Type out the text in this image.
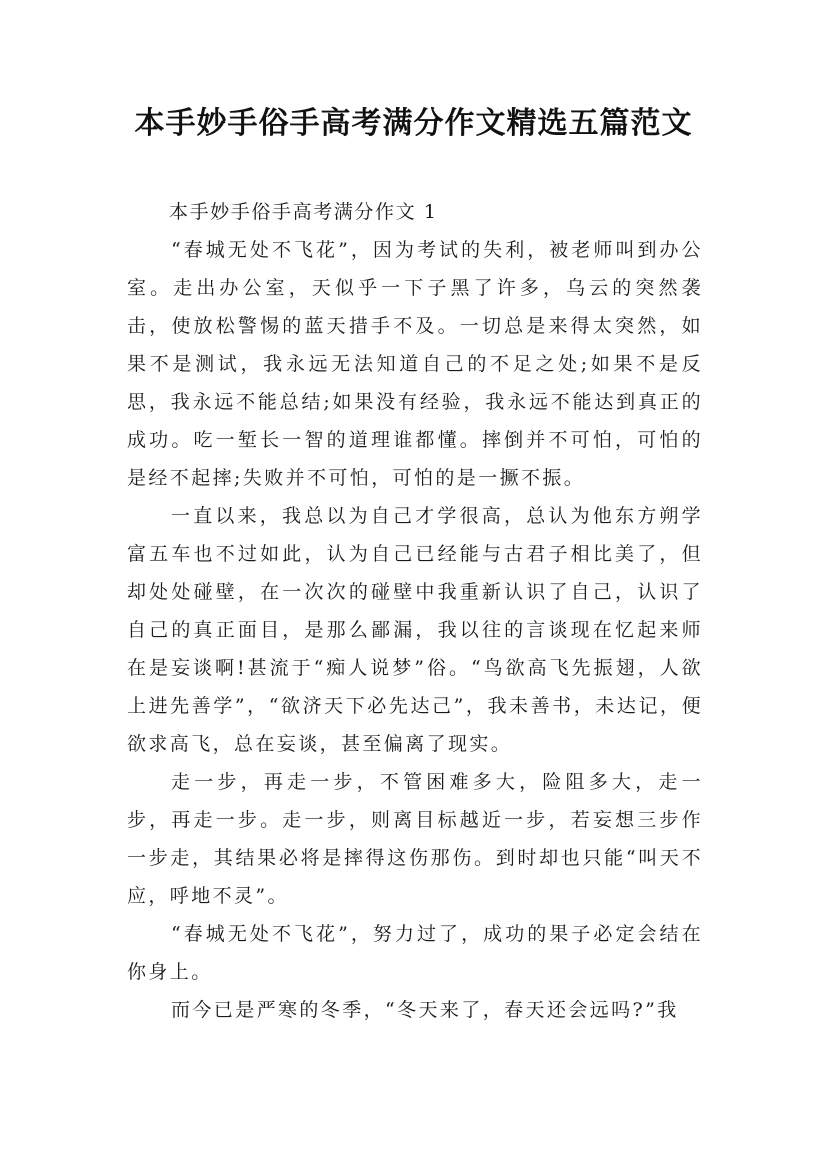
本手妙手俗手高考满分作文精选五篇范文

本手妙手俗手高考满分作文 1

“春城无处不飞花”，因为考试的失利，被老师叫到办公室。走出办公室，天似乎一下子黑了许多，乌云的突然袭击，使放松警惕的蓝天措手不及。一切总是来得太突然，如果不是测试，我永远无法知道自己的不足之处;如果不是反思，我永远不能总结;如果没有经验，我永远不能达到真正的成功。吃一堑长一智的道理谁都懂。摔倒并不可怕，可怕的是经不起摔;失败并不可怕，可怕的是一撅不振。

一直以来，我总以为自己才学很高，总认为他东方朔学富五车也不过如此，认为自己已经能与古君子相比美了，但却处处碰壁，在一次次的碰壁中我重新认识了自己，认识了自己的真正面目，是那么鄙漏，我以往的言谈现在忆起来师在是妄谈啊!甚流于“痴人说梦”俗。“鸟欲高飞先振翅，人欲上进先善学”，“欲济天下必先达己”，我未善书，未达记，便欲求高飞，总在妄谈，甚至偏离了现实。

走一步，再走一步，不管困难多大，险阻多大，走一步，再走一步。走一步，则离目标越近一步，若妄想三步作一步走，其结果必将是摔得这伤那伤。到时却也只能“叫天不应，呼地不灵”。

“春城无处不飞花”，努力过了，成功的果子必定会结在你身上。

而今已是严寒的冬季，“冬天来了，春天还会远吗?”我
